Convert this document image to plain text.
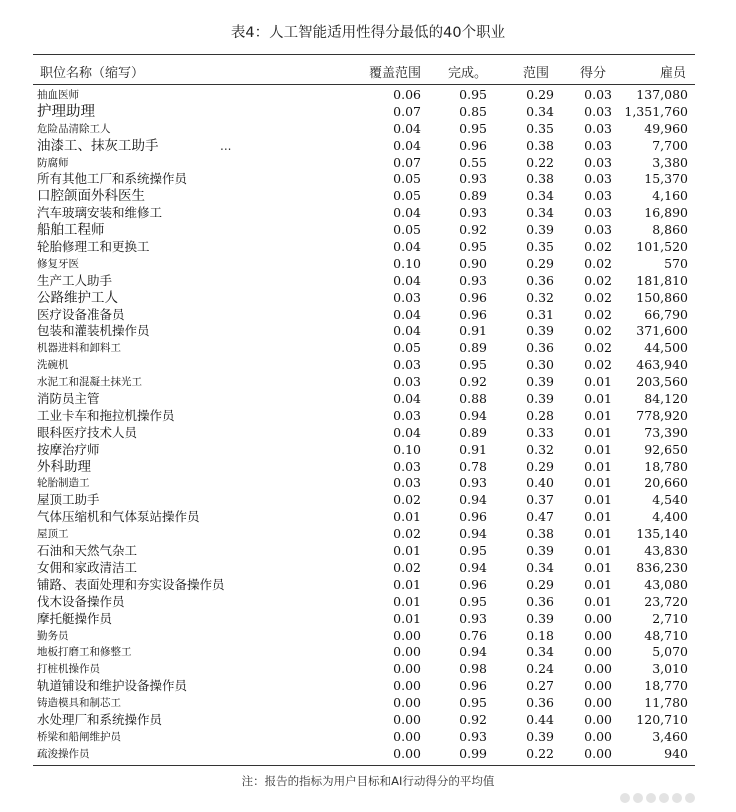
表4：人工智能适用性得分最低的40个职业
职位名称（缩写）	覆盖范围 完成。	范围 得分	雇员
抽血医师	0.06	0.95	0.29 0.03 137,080
护理助理	0.07	0.85	0.34 0.03 1,351,760
危险品清除工人	0.04	0.95	0.35 0.03	49,960
油漆工、抹灰工助手	0.04	0.96	0.38 0.03	7,700
...
防腐师	0.07	0.55	0.22 0.03	3,380
所有其他工厂和系统操作员	0.05	0.93	0.38 0.03	15,370
口腔颌面外科医生	0.05	0.89	0.34 0.03	4,160
汽车玻璃安装和维修工	0.04	0.93	0.34 0.03	16,890
船舶工程师	0.05	0.92	0.39 0.03	8,860
轮胎修理工和更换工	0.04	0.95	0.35 0.02 101,520
修复牙医	0.10	0.90	0.29 0.02	570
生产工人助手	0.04	0.93	0.36 0.02 181,810
公路维护工人	0.03	0.96	0.32 0.02 150,860
医疗设备准备员	0.04	0.96	0.31 0.02	66,790
包装和灌装机操作员	0.04	0.91	0.39 0.02 371,600
机器进料和卸料工	0.05	0.89	0.36 0.02	44,500
洗碗机	0.03	0.95	0.30 0.02 463,940
水泥工和混凝土抹光工	0.03	0.92	0.39 0.01 203,560
消防员主管	0.04	0.88	0.39 0.01	84,120
工业卡车和拖拉机操作员	0.03	0.94	0.28 0.01 778,920
眼科医疗技术人员	0.04	0.89	0.33 0.01	73,390
按摩治疗师	0.10	0.91	0.32 0.01	92,650
外科助理	0.03	0.78	0.29 0.01	18,780
轮胎制造工	0.03	0.93	0.40 0.01	20,660
屋顶工助手	0.02	0.94	0.37 0.01	4,540
气体压缩机和气体泵站操作员	0.01	0.96	0.47 0.01	4,400
屋顶工	0.02	0.94	0.38 0.01 135,140
石油和天然气杂工	0.01	0.95	0.39 0.01	43,830
女佣和家政清洁工	0.02	0.94	0.34 0.01 836,230
铺路、表面处理和夯实设备操作员	0.01	0.96	0.29 0.01	43,080
伐木设备操作员	0.01	0.95	0.36 0.01	23,720
摩托艇操作员	0.01	0.93	0.39 0.00	2,710
勤务员	0.00	0.76	0.18 0.00	48,710
地板打磨工和修整工	0.00	0.94	0.34 0.00	5,070
打桩机操作员	0.00	0.98	0.24 0.00	3,010
轨道铺设和维护设备操作员	0.00	0.96	0.27 0.00	18,770
铸造模具和制芯工	0.00	0.95	0.36 0.00	11,780
水处理厂和系统操作员	0.00	0.92	0.44 0.00 120,710
桥梁和船闸维护员	0.00	0.93	0.39 0.00	3,460
疏浚操作员	0.00	0.99	0.22 0.00	940
注：报告的指标为用户目标和AI行动得分的平均值
